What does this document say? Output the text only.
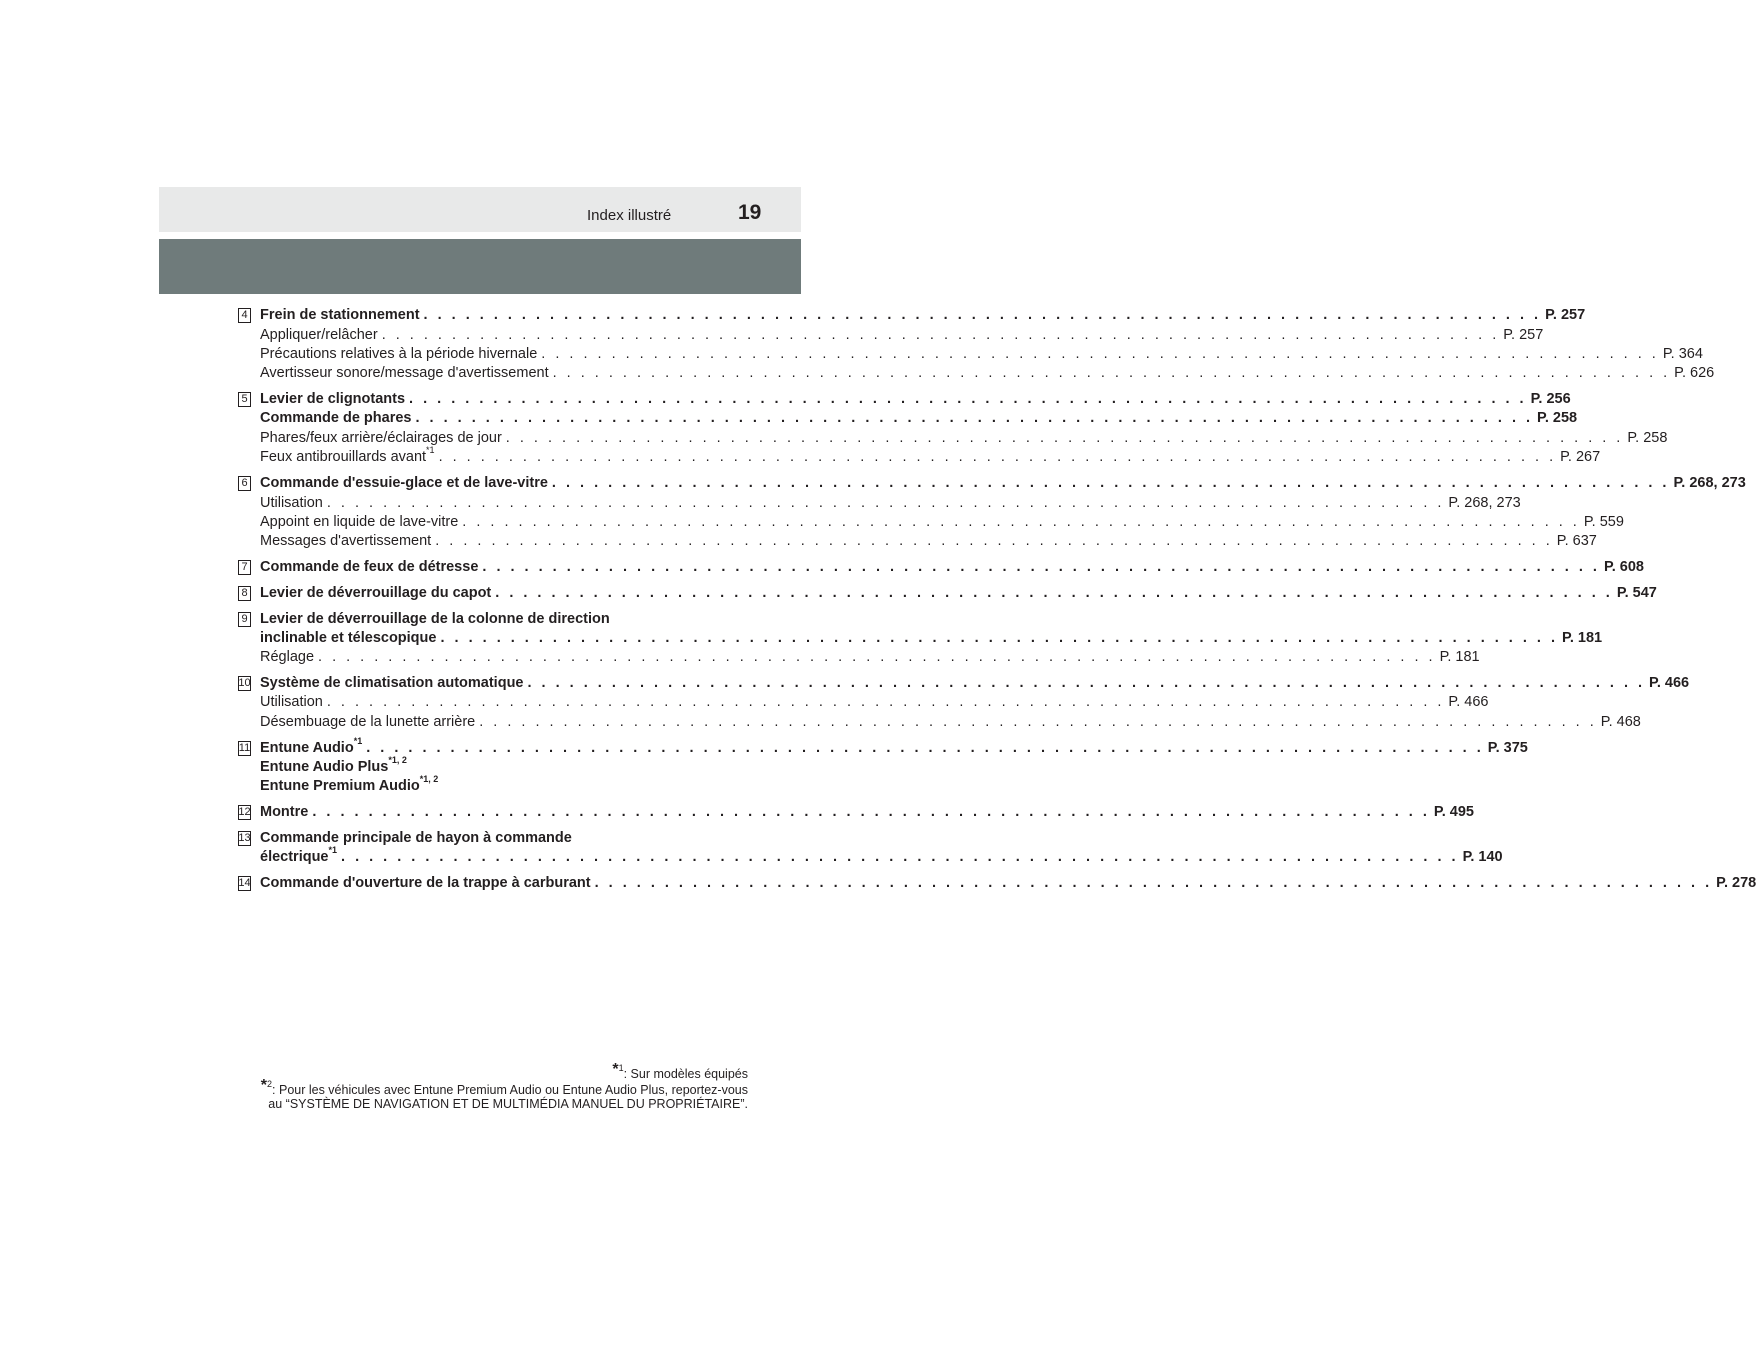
Index illustré	19
4 Frein de stationnement . . . . . . . . . . . . . . . . . . . . . . . . . . . . . . . . . . . . . . . . . . . . . . . . . . . . . . . . . . . . . . . . . . . . . . . . . . . . . . . . P. 257
Appliquer/relâcher . . . . . . . . . . . . . . . . . . . . . . . . . . . . . . . . . . . . . . . . . . . . . . . . . . . . . . . . . . . . . . . . . . . . . . . . . . . . . . . . P. 257
Précautions relatives à la période hivernale . . . . . . . . . . . . . . . . . . . . . . . . . . . . . . . . . . . . . . . . . . . . . . . . . . . . . . . . . . . . . . . . . . . . . . . . . . . . . . . . P. 364
Avertisseur sonore/message d'avertissement . . . . . . . . . . . . . . . . . . . . . . . . . . . . . . . . . . . . . . . . . . . . . . . . . . . . . . . . . . . . . . . . . . . . . . . . . . . . . . . . P. 626
5 Levier de clignotants . . . . . . . . . . . . . . . . . . . . . . . . . . . . . . . . . . . . . . . . . . . . . . . . . . . . . . . . . . . . . . . . . . . . . . . . . . . . . . . . P. 256
Commande de phares . . . . . . . . . . . . . . . . . . . . . . . . . . . . . . . . . . . . . . . . . . . . . . . . . . . . . . . . . . . . . . . . . . . . . . . . . . . . . . . . P. 258
Phares/feux arrière/éclairages de jour . . . . . . . . . . . . . . . . . . . . . . . . . . . . . . . . . . . . . . . . . . . . . . . . . . . . . . . . . . . . . . . . . . . . . . . . . . . . . . . . P. 258
Feux antibrouillards avant$^{*1}$ . . . . . . . . . . . . . . . . . . . . . . . . . . . . . . . . . . . . . . . . . . . . . . . . . . . . . . . . . . . . . . . . . . . . . . . . . . . . . . . . P. 267
6 Commande d'essuie-glace et de lave-vitre . . . . . . . . . . . . . . . . . . . . . . . . . . . . . . . . . . . . . . . . . . . . . . . . . . . . . . . . . . . . . . . . . . . . . . . . . . . . . . . . P. 268, 273
Utilisation . . . . . . . . . . . . . . . . . . . . . . . . . . . . . . . . . . . . . . . . . . . . . . . . . . . . . . . . . . . . . . . . . . . . . . . . . . . . . . . . P. 268, 273
Appoint en liquide de lave-vitre . . . . . . . . . . . . . . . . . . . . . . . . . . . . . . . . . . . . . . . . . . . . . . . . . . . . . . . . . . . . . . . . . . . . . . . . . . . . . . . . P. 559
Messages d'avertissement . . . . . . . . . . . . . . . . . . . . . . . . . . . . . . . . . . . . . . . . . . . . . . . . . . . . . . . . . . . . . . . . . . . . . . . . . . . . . . . . P. 637
7 Commande de feux de détresse . . . . . . . . . . . . . . . . . . . . . . . . . . . . . . . . . . . . . . . . . . . . . . . . . . . . . . . . . . . . . . . . . . . . . . . . . . . . . . . . P. 608
8 Levier de déverrouillage du capot . . . . . . . . . . . . . . . . . . . . . . . . . . . . . . . . . . . . . . . . . . . . . . . . . . . . . . . . . . . . . . . . . . . . . . . . . . . . . . . . P. 547
9 Levier de déverrouillage de la colonne de direction
inclinable et télescopique . . . . . . . . . . . . . . . . . . . . . . . . . . . . . . . . . . . . . . . . . . . . . . . . . . . . . . . . . . . . . . . . . . . . . . . . . . . . . . . . P. 181
Réglage . . . . . . . . . . . . . . . . . . . . . . . . . . . . . . . . . . . . . . . . . . . . . . . . . . . . . . . . . . . . . . . . . . . . . . . . . . . . . . . . P. 181
10 Système de climatisation automatique . . . . . . . . . . . . . . . . . . . . . . . . . . . . . . . . . . . . . . . . . . . . . . . . . . . . . . . . . . . . . . . . . . . . . . . . . . . . . . . . P. 466
Utilisation . . . . . . . . . . . . . . . . . . . . . . . . . . . . . . . . . . . . . . . . . . . . . . . . . . . . . . . . . . . . . . . . . . . . . . . . . . . . . . . . P. 466
Désembuage de la lunette arrière . . . . . . . . . . . . . . . . . . . . . . . . . . . . . . . . . . . . . . . . . . . . . . . . . . . . . . . . . . . . . . . . . . . . . . . . . . . . . . . . P. 468
11 Entune Audio$^{*1}$ . . . . . . . . . . . . . . . . . . . . . . . . . . . . . . . . . . . . . . . . . . . . . . . . . . . . . . . . . . . . . . . . . . . . . . . . . . . . . . . . P. 375
Entune Audio Plus$^{*1, 2}$
Entune Premium Audio$^{*1, 2}$
12 Montre . . . . . . . . . . . . . . . . . . . . . . . . . . . . . . . . . . . . . . . . . . . . . . . . . . . . . . . . . . . . . . . . . . . . . . . . . . . . . . . . P. 495
13 Commande principale de hayon à commande
électrique$^{*1}$ . . . . . . . . . . . . . . . . . . . . . . . . . . . . . . . . . . . . . . . . . . . . . . . . . . . . . . . . . . . . . . . . . . . . . . . . . . . . . . . . P. 140
14 Commande d'ouverture de la trappe à carburant . . . . . . . . . . . . . . . . . . . . . . . . . . . . . . . . . . . . . . . . . . . . . . . . . . . . . . . . . . . . . . . . . . . . . . . . . . . . . . . . P. 278
*$^1$: Sur modèles équipés
*$^2$: Pour les véhicules avec Entune Premium Audio ou Entune Audio Plus, reportez-vous
au “SYSTÈME DE NAVIGATION ET DE MULTIMÉDIA MANUEL DU PROPRIÉTAIRE”.
